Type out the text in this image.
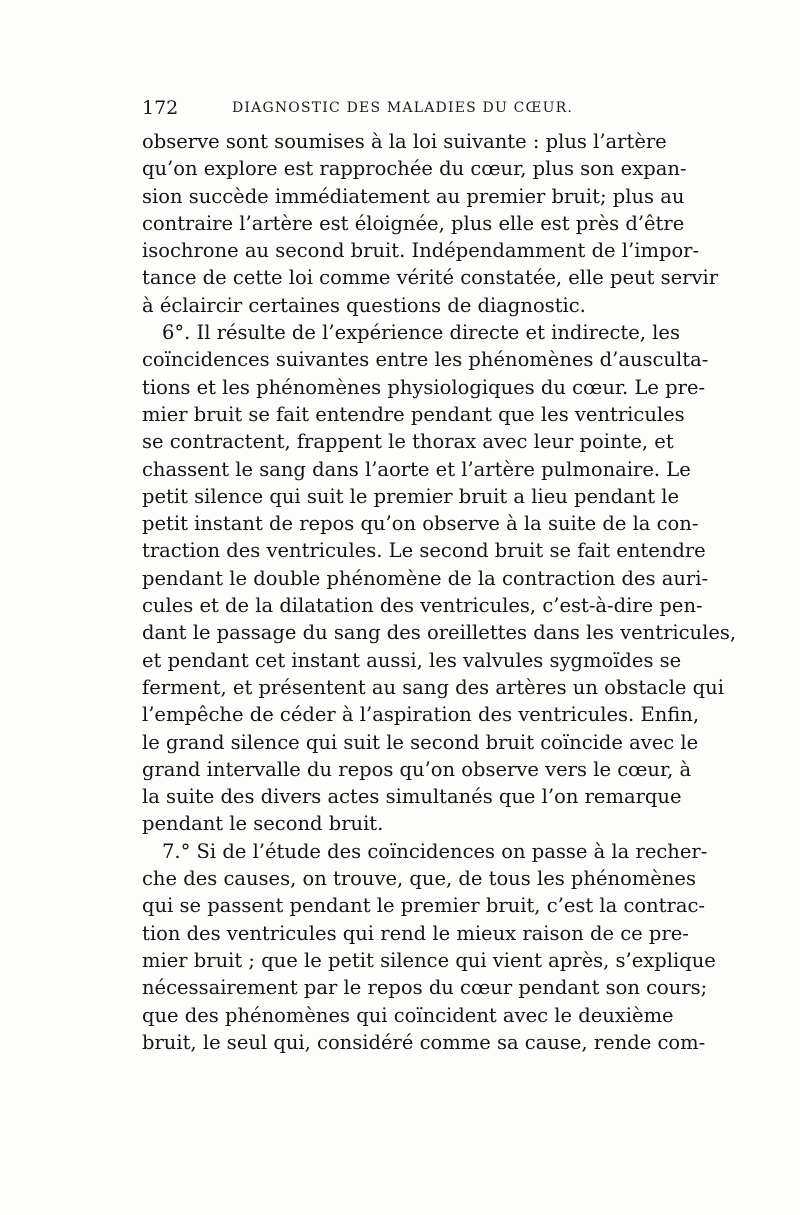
172	DIAGNOSTIC DES MALADIES DU CŒUR.
observe sont soumises à la loi suivante : plus l’artère
qu’on explore est rapprochée du cœur, plus son expan-
sion succède immédiatement au premier bruit; plus au
contraire l’artère est éloignée, plus elle est près d’être
isochrone au second bruit. Indépendamment de l’impor-
tance de cette loi comme vérité constatée, elle peut servir
à éclaircir certaines questions de diagnostic.
6°. Il résulte de l’expérience directe et indirecte, les
coïncidences suivantes entre les phénomènes d’ausculta-
tions et les phénomènes physiologiques du cœur. Le pre-
mier bruit se fait entendre pendant que les ventricules
se contractent, frappent le thorax avec leur pointe, et
chassent le sang dans l’aorte et l’artère pulmonaire. Le
petit silence qui suit le premier bruit a lieu pendant le
petit instant de repos qu’on observe à la suite de la con-
traction des ventricules. Le second bruit se fait entendre
pendant le double phénomène de la contraction des auri-
cules et de la dilatation des ventricules, c’est-à-dire pen-
dant le passage du sang des oreillettes dans les ventricules,
et pendant cet instant aussi, les valvules sygmoïdes se
ferment, et présentent au sang des artères un obstacle qui
l’empêche de céder à l’aspiration des ventricules. Enfin,
le grand silence qui suit le second bruit coïncide avec le
grand intervalle du repos qu’on observe vers le cœur, à
la suite des divers actes simultanés que l’on remarque
pendant le second bruit.
7.° Si de l’étude des coïncidences on passe à la recher-
che des causes, on trouve, que, de tous les phénomènes
qui se passent pendant le premier bruit, c’est la contrac-
tion des ventricules qui rend le mieux raison de ce pre-
mier bruit ; que le petit silence qui vient après, s’explique
nécessairement par le repos du cœur pendant son cours;
que des phénomènes qui coïncident avec le deuxième
bruit, le seul qui, considéré comme sa cause, rende com-
